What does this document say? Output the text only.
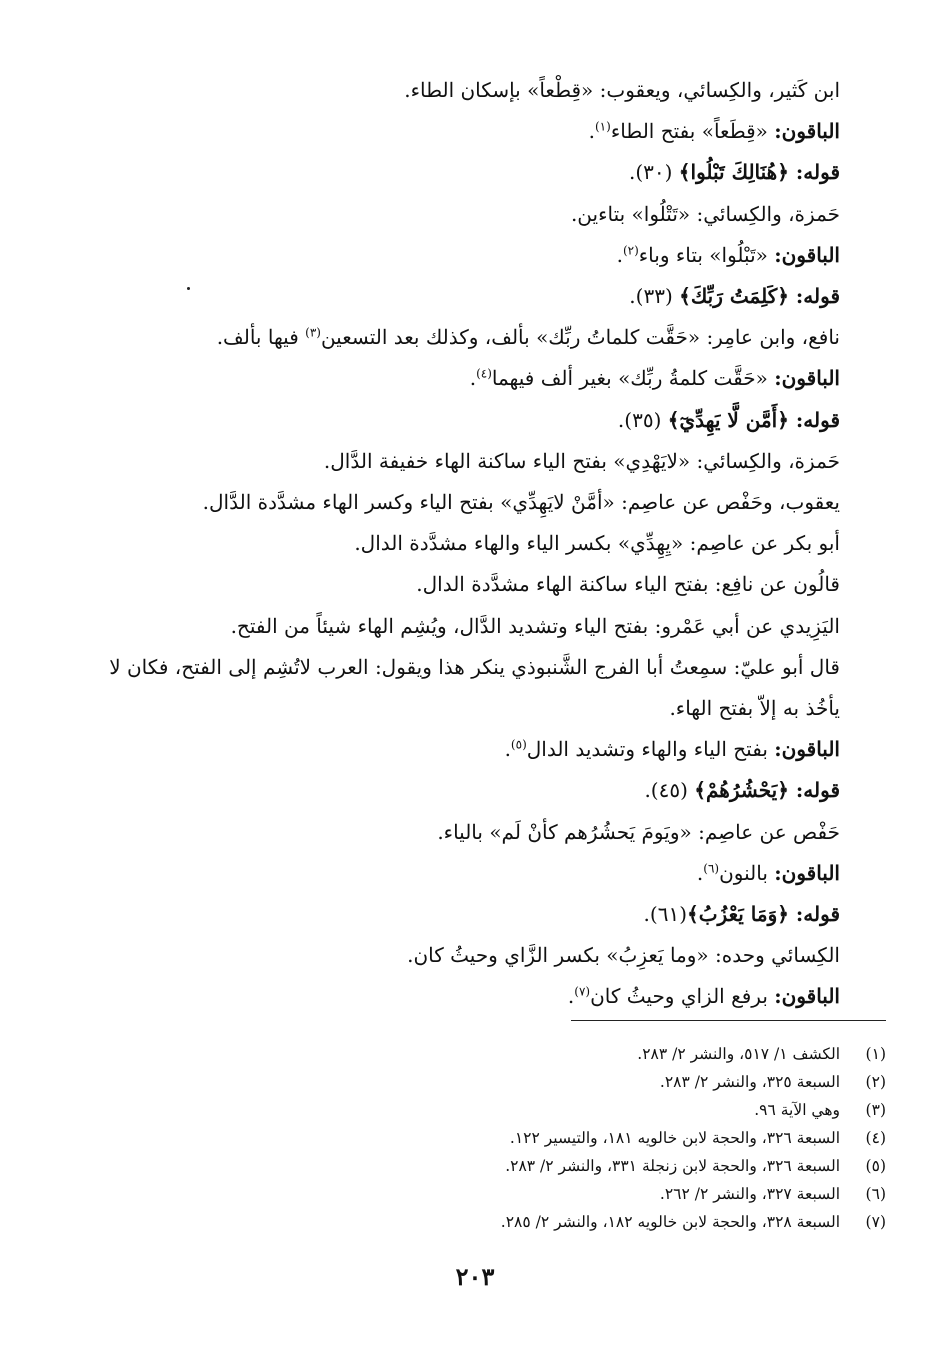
ابن كَثير، والكِسائي، ويعقوب: «قِطْعاً» بإسكان الطاء.
الباقون: «قِطَعاً» بفتح الطاء$^{(١)}$.
قوله: ﴿هُنَالِكَ تَبْلُوا﴾ (٣٠).
حَمزة، والكِسائي: «تَتْلُوا» بتاءين.
الباقون: «تَبْلُوا» بتاء وباء$^{(٢)}$.
قوله: ﴿كَلِمَتُ رَبِّكَ﴾ (٣٣).
نافع، وابن عامِر: «حَقَّت كلماتُ ربِّك» بألف، وكذلك بعد التسعين$^{(٣)}$ فيها بألف.
الباقون: «حَقَّت كلمةُ ربِّك» بغير ألف فيهما$^{(٤)}$.
قوله: ﴿أَمَّن لَّا يَهِدِّيٓ﴾ (٣٥).
حَمزة، والكِسائي: «لايَهْدِي» بفتح الياء ساكنة الهاء خفيفة الدَّال.
يعقوب، وحَفْص عن عاصِم: «أمَّنْ لايَهِدِّي» بفتح الياء وكسر الهاء مشدَّدة الدَّال.
أبو بكر عن عاصِم: «يِهِدِّي» بكسر الياء والهاء مشدَّدة الدال.
قالُون عن نافِع: بفتح الياء ساكنة الهاء مشدَّدة الدال.
اليَزِيدي عن أبي عَمْرو: بفتح الياء وتشديد الدَّال، ويُشِم الهاء شيئاً من الفتح.
قال أبو عليّ: سمِعتُ أبا الفرج الشَّنبوذي ينكر هذا ويقول: العرب لاتُشِم إلى الفتح، فكان لا يأخُذ به إلاّ بفتح الهاء.
الباقون: بفتح الياء والهاء وتشديد الدال$^{(٥)}$.
قوله: ﴿يَحْشُرُهُمْ﴾ (٤٥).
حَفْص عن عاصِم: «ويَومَ يَحشُرُهم كأنْ لَم» بالياء.
الباقون: بالنون$^{(٦)}$.
قوله: ﴿وَمَا يَعْزُبُ﴾(٦١).
الكِسائي وحده: «وما يَعزِبُ» بكسر الزَّاي وحيثُ كان.
الباقون: برفع الزاي وحيثُ كان$^{(٧)}$.
(١)الكشف ١/ ٥١٧، والنشر ٢/ ٢٨٣.
(٢)السبعة ٣٢٥، والنشر ٢/ ٢٨٣.
(٣)وهي الآية ٩٦.
(٤)السبعة ٣٢٦، والحجة لابن خالويه ١٨١، والتيسير ١٢٢.
(٥)السبعة ٣٢٦، والحجة لابن زنجلة ٣٣١، والنشر ٢/ ٢٨٣.
(٦)السبعة ٣٢٧، والنشر ٢/ ٢٦٢.
(٧)السبعة ٣٢٨، والحجة لابن خالويه ١٨٢، والنشر ٢/ ٢٨٥.
٢٠٣
